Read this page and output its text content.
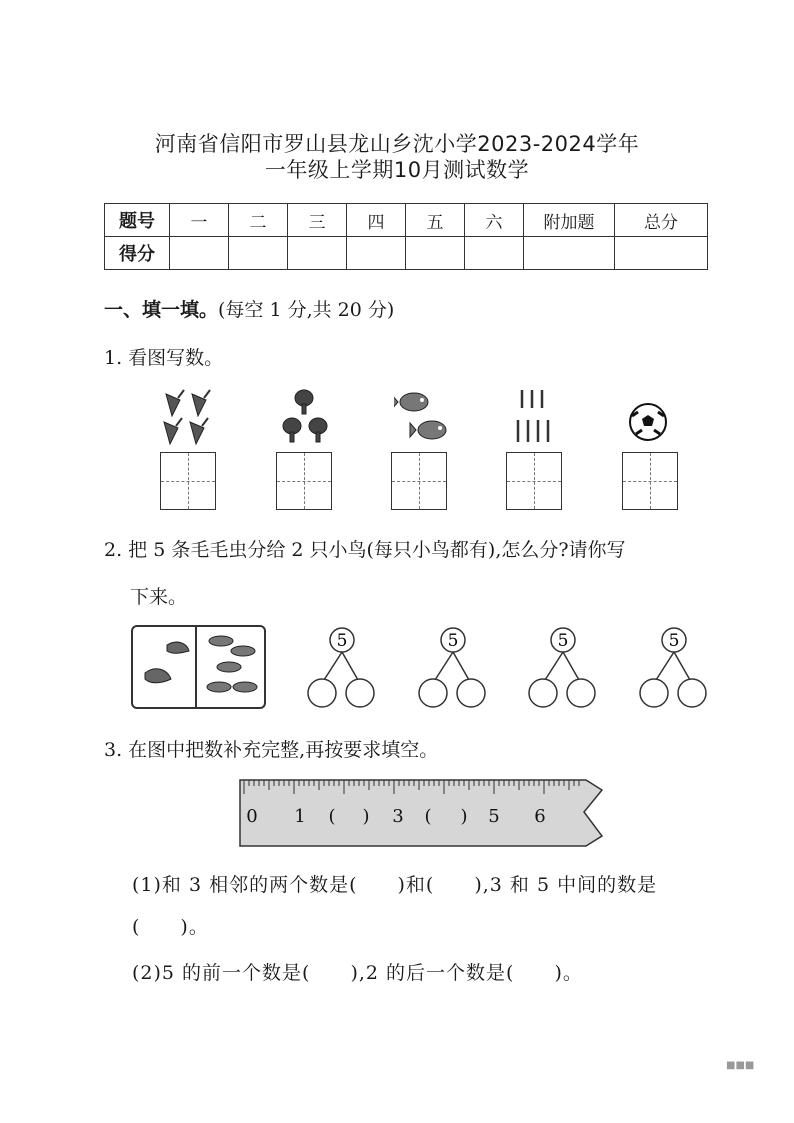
河南省信阳市罗山县龙山乡沈小学2023-2024学年
一年级上学期10月测试数学
题号	一	二	三	四	五	六	附加题	总分
得分								
一、填一填。(每空 1 分,共 20 分)
1. 看图写数。
2. 把 5 条毛毛虫分给 2 只小鸟(每只小鸟都有),怎么分?请你写
下来。
5	5	5	5
3. 在图中把数补充完整,再按要求填空。
0 1 ( ) 3 ( ) 5 6
(1)和 3 相邻的两个数是(　　)和(　　),3 和 5 中间的数是
(　　)。
(2)5 的前一个数是(　　),2 的后一个数是(　　)。
■■■
